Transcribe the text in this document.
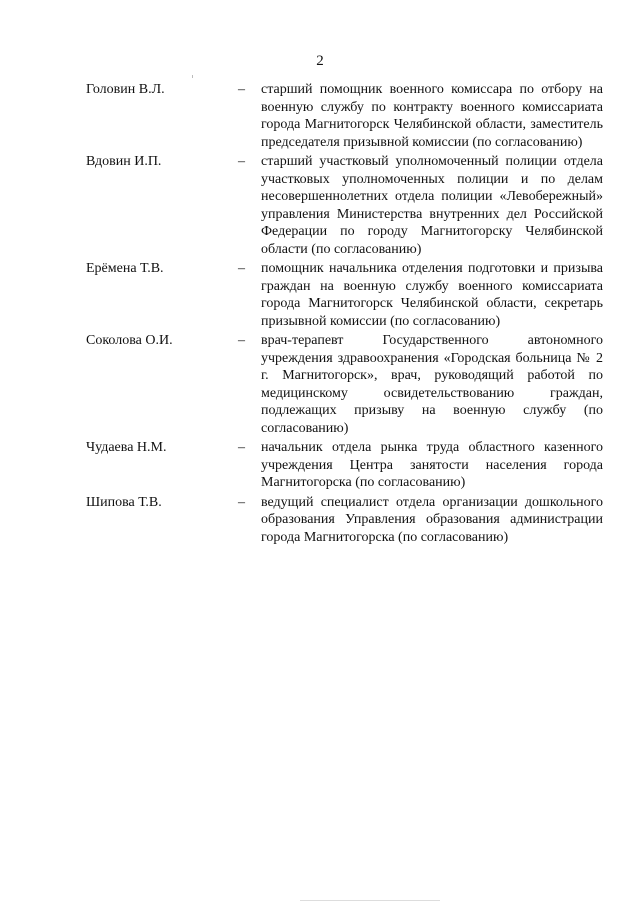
2
Головин В.Л.	– старший помощник военного комиссара по отбору на военную службу по контракту военного комиссариата города Магнитогорск Челябинской области, заместитель председателя призывной комиссии (по согласованию)
Вдовин И.П.	– старший участковый уполномоченный полиции отдела участковых уполномоченных полиции и по делам несовершеннолетних отдела полиции «Левобережный» управления Министерства внутренних дел Российской Федерации по городу Магнитогорску Челябинской области (по согласованию)
Ерёмена Т.В.	– помощник начальника отделения подготовки и призыва граждан на военную службу военного комиссариата города Магнитогорск Челябинской области, секретарь призывной комиссии (по согласованию)
Соколова О.И.	– врач-терапевт Государственного автономного учреждения здравоохранения «Городская больница № 2 г. Магнитогорск», врач, руководящий работой по медицинскому освидетельствованию граждан, подлежащих призыву на военную службу (по согласованию)
Чудаева Н.М.	– начальник отдела рынка труда областного казенного учреждения Центра занятости населения города Магнитогорска (по согласованию)
Шипова Т.В.	– ведущий специалист отдела организации дошкольного образования Управления образования администрации города Магнитогорска (по согласованию)
